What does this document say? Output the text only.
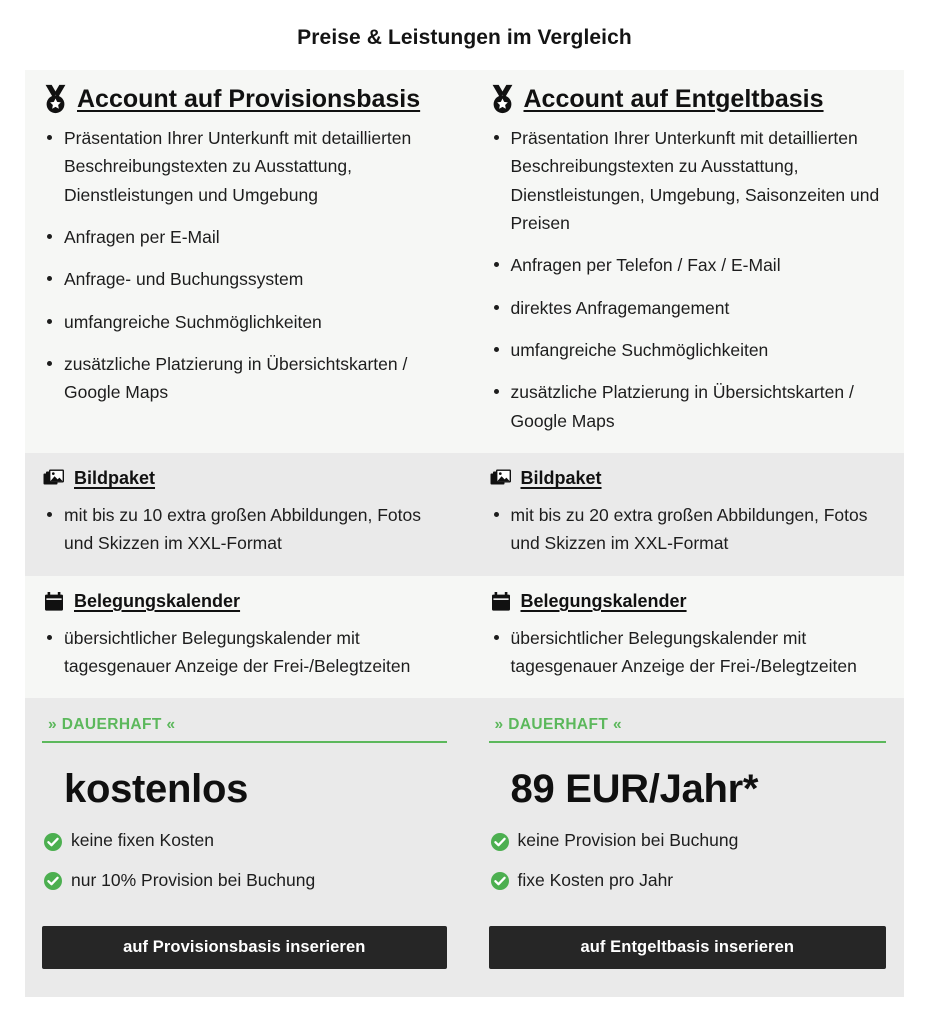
Preise & Leistungen im Vergleich
Account auf Provisionsbasis
Präsentation Ihrer Unterkunft mit detaillierten Beschreibungstexten zu Ausstattung, Dienstleistungen und Umgebung
Anfragen per E-Mail
Anfrage- und Buchungssystem
umfangreiche Suchmöglichkeiten
zusätzliche Platzierung in Übersichtskarten / Google Maps
Account auf Entgeltbasis
Präsentation Ihrer Unterkunft mit detaillierten Beschreibungstexten zu Ausstattung, Dienstleistungen, Umgebung, Saisonzeiten und Preisen
Anfragen per Telefon / Fax / E-Mail
direktes Anfragemangement
umfangreiche Suchmöglichkeiten
zusätzliche Platzierung in Übersichtskarten / Google Maps
Bildpaket
mit bis zu 10 extra großen Abbildungen, Fotos und Skizzen im XXL-Format
Bildpaket
mit bis zu 20 extra großen Abbildungen, Fotos und Skizzen im XXL-Format
Belegungskalender
übersichtlicher Belegungskalender mit tagesgenauer Anzeige der Frei-/Belegtzeiten
Belegungskalender
übersichtlicher Belegungskalender mit tagesgenauer Anzeige der Frei-/Belegtzeiten
» DAUERHAFT «
kostenlos
keine fixen Kosten
nur 10% Provision bei Buchung
auf Provisionsbasis inserieren
» DAUERHAFT «
89 EUR/Jahr*
keine Provision bei Buchung
fixe Kosten pro Jahr
auf Entgeltbasis inserieren
